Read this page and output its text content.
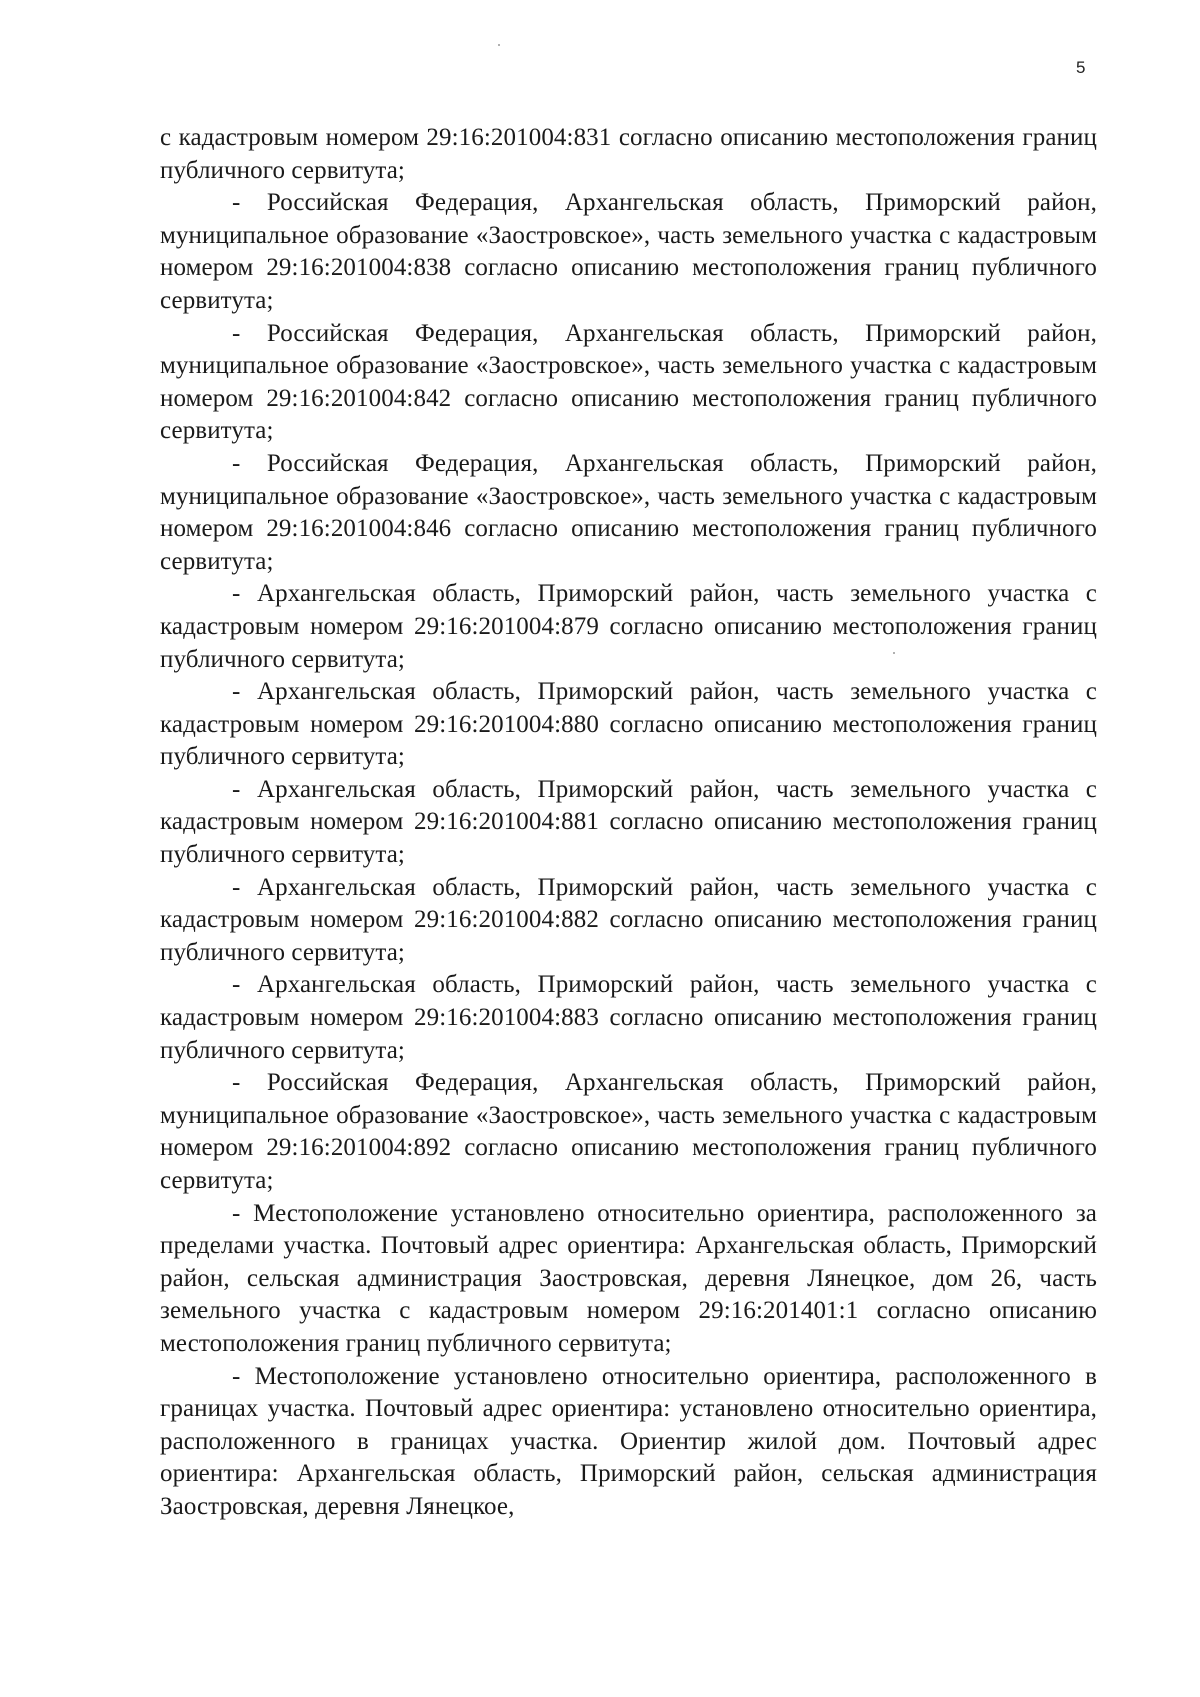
5

с кадастровым номером 29:16:201004:831 согласно описанию местоположения границ публичного сервитута;

- Российская Федерация, Архангельская область, Приморский район, муниципальное образование «Заостровское», часть земельного участка с кадастровым номером 29:16:201004:838 согласно описанию местоположения границ публичного сервитута;

- Российская Федерация, Архангельская область, Приморский район, муниципальное образование «Заостровское», часть земельного участка с кадастровым номером 29:16:201004:842 согласно описанию местоположения границ публичного сервитута;

- Российская Федерация, Архангельская область, Приморский район, муниципальное образование «Заостровское», часть земельного участка с кадастровым номером 29:16:201004:846 согласно описанию местоположения границ публичного сервитута;

- Архангельская область, Приморский район, часть земельного участка с кадастровым номером 29:16:201004:879 согласно описанию местоположения границ публичного сервитута;

- Архангельская область, Приморский район, часть земельного участка с кадастровым номером 29:16:201004:880 согласно описанию местоположения границ публичного сервитута;

- Архангельская область, Приморский район, часть земельного участка с кадастровым номером 29:16:201004:881 согласно описанию местоположения границ публичного сервитута;

- Архангельская область, Приморский район, часть земельного участка с кадастровым номером 29:16:201004:882 согласно описанию местоположения границ публичного сервитута;

- Архангельская область, Приморский район, часть земельного участка с кадастровым номером 29:16:201004:883 согласно описанию местоположения границ публичного сервитута;

- Российская Федерация, Архангельская область, Приморский район, муниципальное образование «Заостровское», часть земельного участка с кадастровым номером 29:16:201004:892 согласно описанию местоположения границ публичного сервитута;

- Местоположение установлено относительно ориентира, расположенного за пределами участка. Почтовый адрес ориентира: Архангельская область, Приморский район, сельская администрация Заостровская, деревня Лянецкое, дом 26, часть земельного участка с кадастровым номером 29:16:201401:1 согласно описанию местоположения границ публичного сервитута;

- Местоположение установлено относительно ориентира, расположенного в границах участка. Почтовый адрес ориентира: установлено относительно ориентира, расположенного в границах участка. Ориентир жилой дом. Почтовый адрес ориентира: Архангельская область, Приморский район, сельская администрация Заостровская, деревня Лянецкое,
